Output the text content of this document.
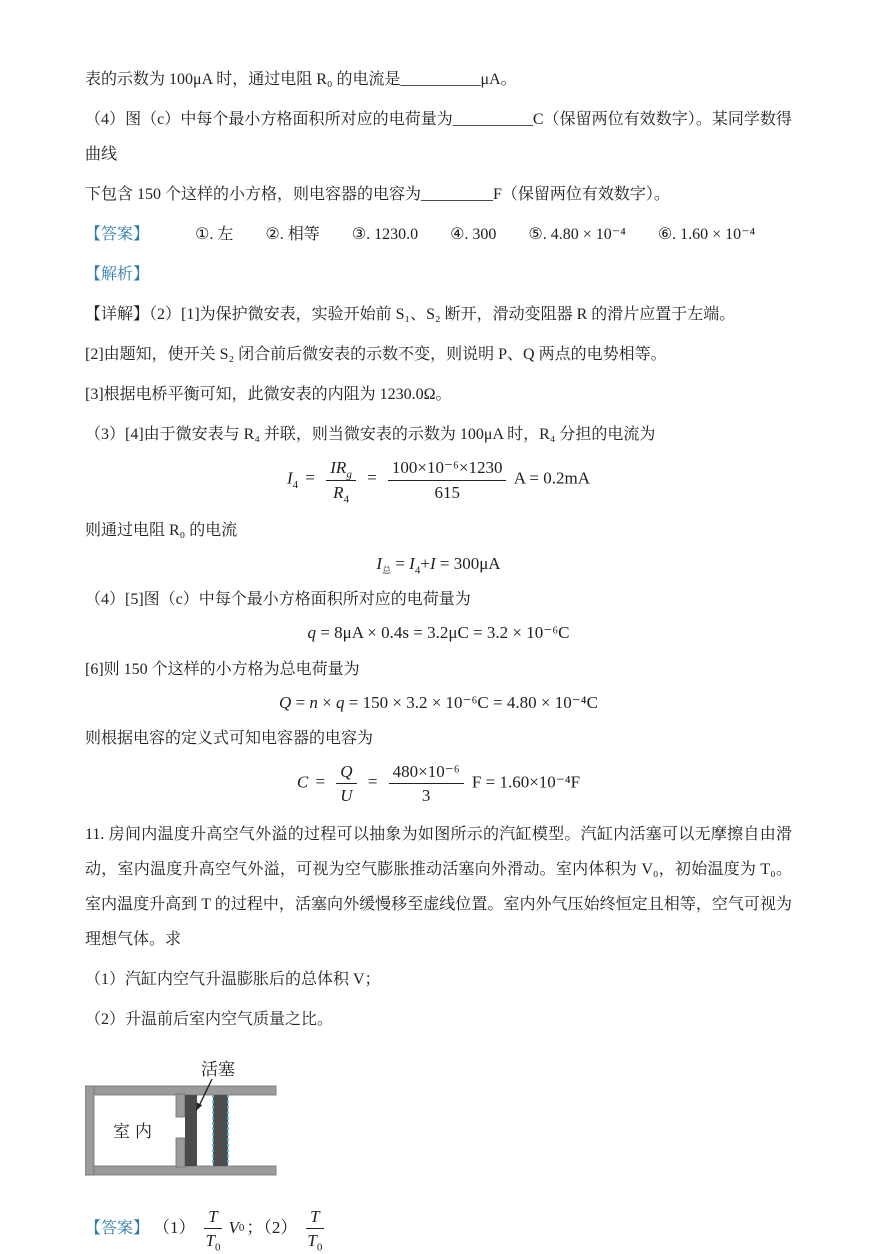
表的示数为 100μA 时，通过电阻 R₀ 的电流是__________μA。

（4）图（c）中每个最小方格面积所对应的电荷量为__________C（保留两位有效数字）。某同学数得曲线

下包含 150 个这样的小方格，则电容器的电容为_________F（保留两位有效数字）。

【答案】	①. 左 ②. 相等 ③. 1230.0 ④. 300 ⑤. 4.80 × 10⁻⁴ ⑥. 1.60 × 10⁻⁴

【解析】

【详解】（2）[1]为保护微安表，实验开始前 S₁、S₂ 断开，滑动变阻器 R 的滑片应置于左端。

[2]由题知，使开关 S₂ 闭合前后微安表的示数不变，则说明 P、Q 两点的电势相等。

[3]根据电桥平衡可知，此微安表的内阻为 1230.0Ω。

（3）[4]由于微安表与 R₄ 并联，则当微安表的示数为 100μA 时，R₄ 分担的电流为

$I_4 = \frac{IR_g}{R_4} = \frac{\text{100×10⁻⁶×1230}}{615}$ A = 0.2mA

则通过电阻 R₀ 的电流

$I_总 = I_4+I = 300\mu A$

（4）[5]图（c）中每个最小方格面积所对应的电荷量为

q = 8μA × 0.4s = 3.2μC = 3.2 × 10⁻⁶C

[6]则 150 个这样的小方格为总电荷量为

Q = n × q = 150 × 3.2 × 10⁻⁶C = 4.80 × 10⁻⁴C

则根据电容的定义式可知电容器的电容为

$C = \frac{Q}{U} = \frac{\text{480×10⁻⁶}}{3}$ F = 1.60×10⁻⁴F

11. 房间内温度升高空气外溢的过程可以抽象为如图所示的汽缸模型。汽缸内活塞可以无摩擦自由滑动，室内温度升高空气外溢，可视为空气膨胀推动活塞向外滑动。室内体积为 V₀，初始温度为 T₀。室内温度升高到 T 的过程中，活塞向外缓慢移至虚线位置。室内外气压始终恒定且相等，空气可视为理想气体。求

（1）汽缸内空气升温膨胀后的总体积 V；

（2）升温前后室内空气质量之比。

活塞
室内
【答案】 $(1) \frac{T}{T_0}$ V 0 ；$(2) \frac{T}{T_0}$
